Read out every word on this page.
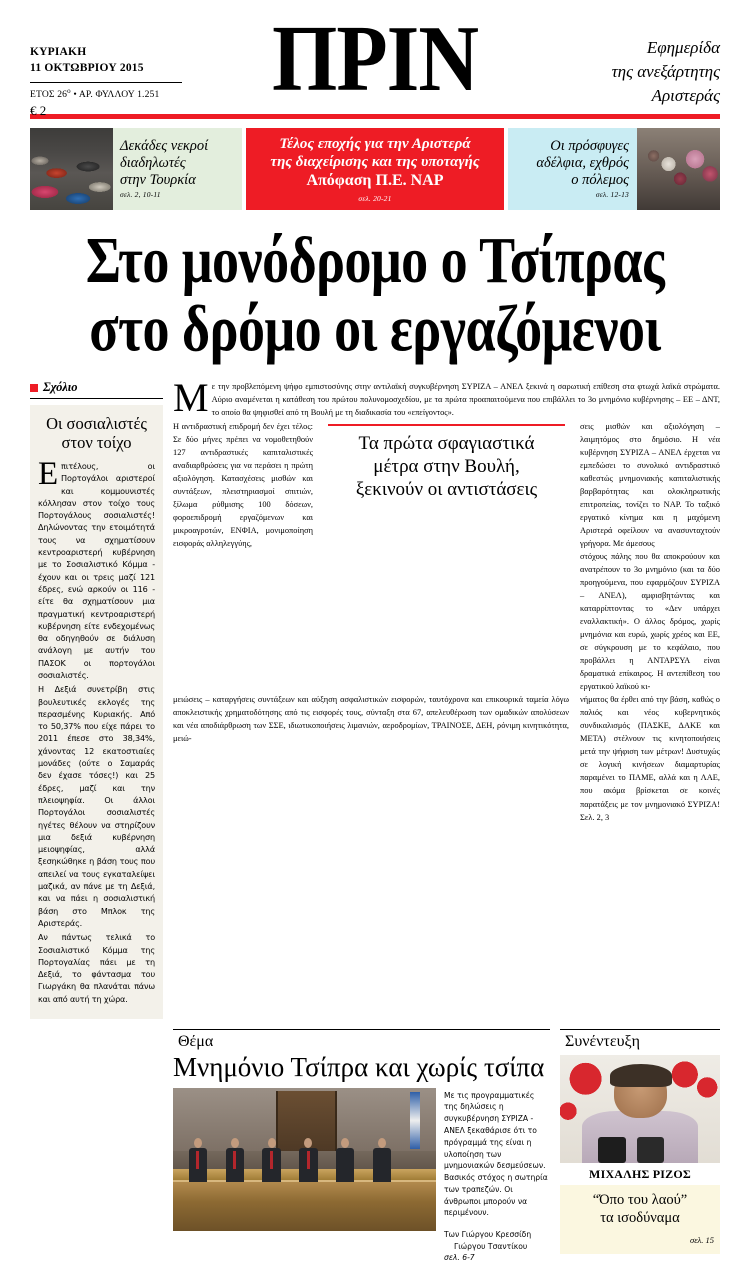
ΚΥΡΙΑΚΗ
11 ΟΚΤΩΒΡΙΟΥ 2015
ΕΤΟΣ $26^o$ • ΑΡ. ΦΥΛΛΟΥ 1.251
€ 2	ΠΡΙΝ	Εφημερίδα
της ανεξάρτητης
Αριστεράς
Δεκάδες νεκροί
διαδηλωτές
στην Τουρκία
σελ. 2, 10-11
Τέλος εποχής για την Αριστερά
της διαχείρισης και της υποταγής
Απόφαση Π.Ε. ΝΑΡ
σελ. 20-21
Οι πρόσφυγες
αδέλφια, εχθρός
ο πόλεμος
σελ. 12-13
Στο μονόδρομο ο Τσίπρας
στο δρόμο οι εργαζόμενοι
Σχόλιο
Οι σοσιαλιστές
στον τοίχο

Επιτέλους, οι Πορτογάλοι αριστεροί και κομμουνιστές κόλλησαν στον τοίχο τους Πορτογάλους σοσιαλιστές! Δηλώνοντας την ετοιμότητά τους να σχηματίσουν κεντροαριστερή κυβέρνηση με το Σοσιαλιστικό Κόμμα - έχουν και οι τρεις μαζί 121 έδρες, ενώ αρκούν οι 116 - είτε θα σχηματίσουν μια πραγματική κεντροαριστερή κυβέρνηση είτε ενδεχομένως θα οδηγηθούν σε διάλυση ανάλογη με αυτήν του ΠΑΣΟΚ οι πορτογάλοι σοσιαλιστές.

Η Δεξιά συνετρίβη στις βουλευτικές εκλογές της περασμένης Κυριακής. Από το 50,37% που είχε πάρει το 2011 έπεσε στο 38,34%, χάνοντας 12 εκατοστιαίες μονάδες (ούτε ο Σαμαράς δεν έχασε τόσες!) και 25 έδρες, μαζί και την πλειοψηφία. Οι άλλοι Πορτογάλοι σοσιαλιστές ηγέτες θέλουν να στηρίζουν μια δεξιά κυβέρνηση μειοψηφίας, αλλά ξεσηκώθηκε η βάση τους που απειλεί να τους εγκαταλείψει μαζικά, αν πάνε με τη Δεξιά, και να πάει η σοσιαλιστική βάση στο Μπλοκ της Αριστεράς.

Αν πάντως τελικά το Σοσιαλιστικό Κόμμα της Πορτογαλίας πάει με τη Δεξιά, το φάντασμα του Γιωργάκη θα πλανάται πάνω και από αυτή τη χώρα.

Με την προβλεπόμενη ψήφο εμπιστοσύνης στην αντιλαϊκή συγκυβέρνηση ΣΥΡΙΖΑ – ΑΝΕΛ ξεκινά η σαρωτική επίθεση στα φτωχά λαϊκά στρώματα. Αύριο αναμένεται η κατάθεση του πρώτου πολυνομοσχεδίου, με τα πρώτα προαπαιτούμενα που επιβάλλει το 3ο μνημόνιο κυβέρνησης – ΕΕ – ΔΝΤ, το οποίο θα ψηφισθεί από τη Βουλή με τη διαδικασία του «επείγοντος».

Η αντιδραστική επιδρομή δεν έχει τέλος: Σε δύο μήνες πρέπει να νομοθετηθούν 127 αντιδραστικές καπιταλιστικές αναδιαρθρώσεις για να περάσει η πρώτη αξιολόγηση. Κατασχέσεις μισθών και συντάξεων, πλειστηριασμοί σπιτιών, ξίλωμα ρύθμισης 100 δόσεων, φοροεπιδρομή εργαζόμενων και μικροαγροτών, ΕΝΦΙΑ, μονιμοποίηση εισφοράς αλληλεγγύης,
Τα πρώτα σφαγιαστικά
μέτρα στην Βουλή,
ξεκινούν οι αντιστάσεις
σεις μισθών και αξιολόγηση – λαιμητόμος στο δημόσιο. Η νέα κυβέρνηση ΣΥΡΙΖΑ – ΑΝΕΛ έρχεται να εμπεδώσει το συνολικό αντιδραστικό καθεστώς μνημονιακής καπιταλιστικής βαρβαρότητας και ολοκληρωτικής επιτροπείας, τονίζει το ΝΑΡ. Το ταξικό εργατικό κίνημα και η μαχόμενη Αριστερά οφείλουν να ανασυνταχτούν γρήγορα. Με άμεσους
στόχους πάλης που θα αποκρούουν και ανατρέπουν το 3ο μνημόνιο (και τα δύο προηγούμενα, που εφαρμόζουν ΣΥΡΙΖΑ – ΑΝΕΛ), αμφισβητώντας και καταρρίπτοντας το «Δεν υπάρχει εναλλακτική». Ο άλλος δρόμος, χωρίς μνημόνια και ευρώ, χωρίς χρέος και ΕΕ, σε σύγκρουση με το κεφάλαιο, που προβάλλει η ΑΝΤΑΡΣΥΑ είναι δραματικά επίκαιρος. Η αντεπίθεση του εργατικού λαϊκού κι-
μειώσεις – καταργήσεις συντάξεων και αύξηση ασφαλιστικών εισφορών, ταυτόχρονα και επικουρικά ταμεία λόγω αποκλειστικής χρηματοδότησης από τις εισφορές τους, σύνταξη στα 67, απελευθέρωση των ομαδικών απολύσεων και νέα αποδιάρθρωση των ΣΣΕ, ιδιωτικοποιήσεις λιμανιών, αεροδρομίων, ΤΡΑΙΝΟΣΕ, ΔΕΗ, ρόνιμη κινητικότητα, μειώ-
νήματος θα έρθει από την βάση, καθώς ο παλιός και νέος κυβερνητικός συνδικαλισμός (ΠΑΣΚΕ, ΔΑΚΕ και ΜΕΤΑ) στέλνουν τις κινητοποιήσεις μετά την ψήφιση των μέτρων! Δυστυχώς σε λογική κινήσεων διαμαρτυρίας παραμένει το ΠΑΜΕ, αλλά και η ΛΑΕ, που ακόμα βρίσκεται σε κοινές παρατάξεις με τον μνημονιακό ΣΥΡΙΖΑ! Σελ. 2, 3
Θέμα
Μνημόνιο Τσίπρα και χωρίς τσίπα

Με τις προγραμματικές της δηλώσεις η συγκυβέρνηση ΣΥΡΙΖΑ - ΑΝΕΛ ξεκαθάρισε ότι το πρόγραμμά της είναι η υλοποίηση των μνημονιακών δεσμεύσεων. Βασικός στόχος η σωτηρία των τραπεζών. Οι άνθρωποι μπορούν να περιμένουν.

Των Γιώργου Κρεσσίδη
Γιώργου Τσαντίκου
σελ. 6-7
Συνέντευξη
ΜΙΧΑΛΗΣ ΡΙΖΟΣ
“Όπο του λαού”
τα ισοδύναμα
σελ. 15
